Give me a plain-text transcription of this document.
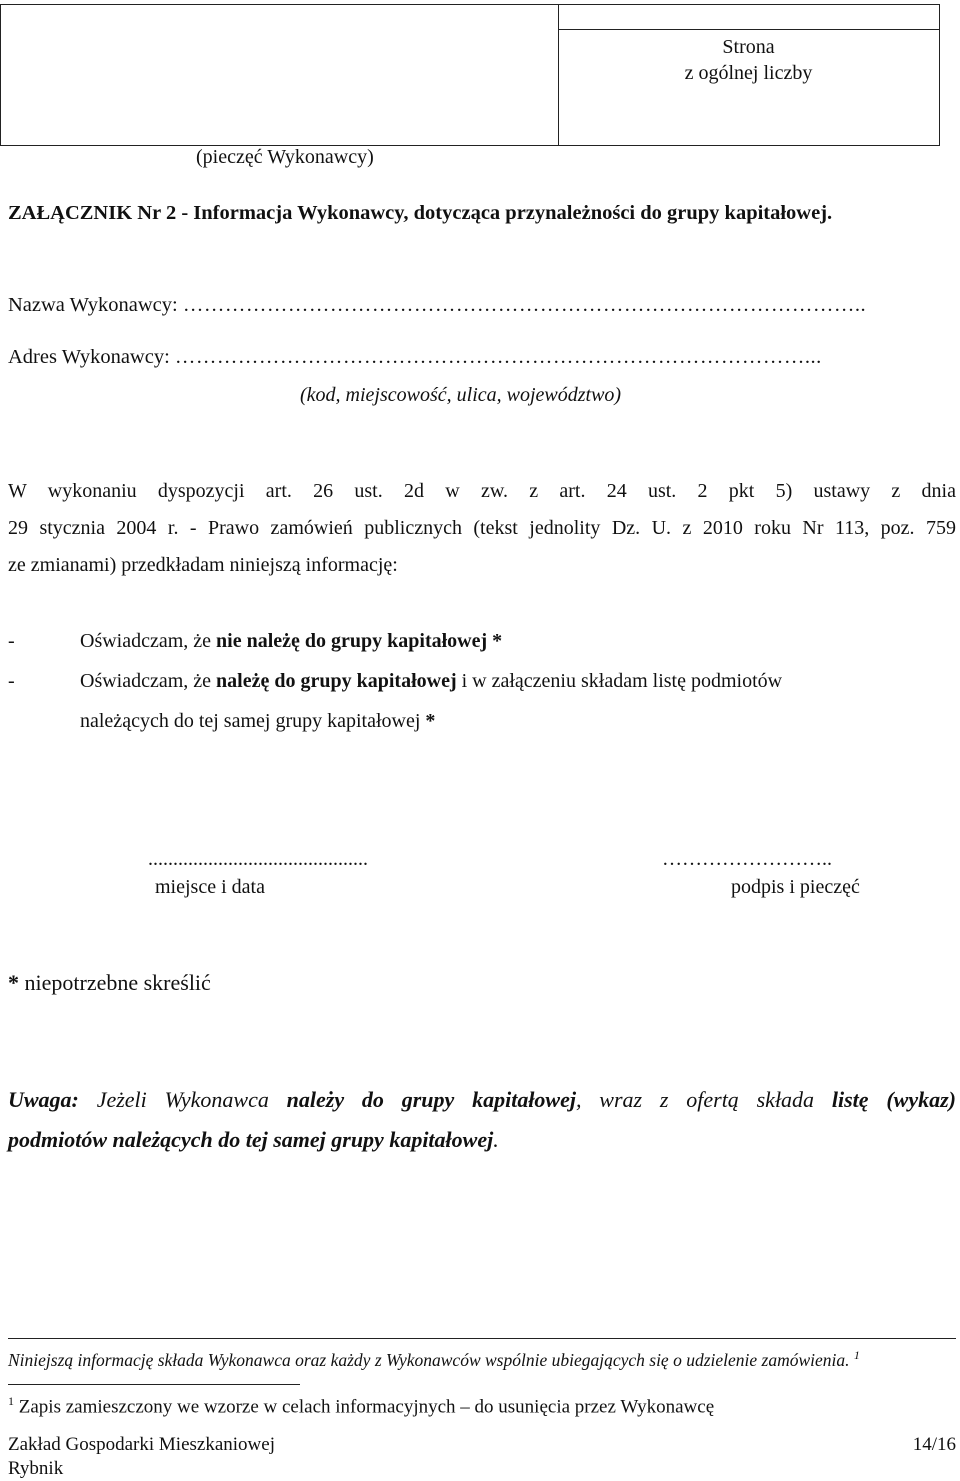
Strona
z ogólnej liczby
(pieczęć Wykonawcy)
ZAŁĄCZNIK Nr 2 - Informacja Wykonawcy, dotycząca przynależności do grupy kapitałowej.
Nazwa Wykonawcy: ……………………………………………………………………………………..
Adres Wykonawcy: ………………………………………………………………………………...
(kod, miejscowość, ulica, województwo)
W wykonaniu dyspozycji art. 26 ust. 2d w zw. z art. 24 ust. 2 pkt 5) ustawy z dnia
29 stycznia 2004 r. - Prawo zamówień publicznych (tekst jednolity Dz. U. z 2010 roku Nr 113, poz. 759
ze zmianami) przedkładam niniejszą informację:
-	Oświadczam, że nie należę do grupy kapitałowej *
-	Oświadczam, że należę do grupy kapitałowej i w załączeniu składam listę podmiotów
należących do tej samej grupy kapitałowej *
............................................
miejsce i data
……………………..
podpis i pieczęć
* niepotrzebne skreślić
Uwaga: Jeżeli Wykonawca należy do grupy kapitałowej, wraz z ofertą składa listę (wykaz)
podmiotów należących do tej samej grupy kapitałowej.
Niniejszą informację składa Wykonawca oraz każdy z Wykonawców wspólnie ubiegających się o udzielenie zamówienia. $^1$
$^1$ Zapis zamieszczony we wzorze w celach informacyjnych – do usunięcia przez Wykonawcę
Zakład Gospodarki Mieszkaniowej
Rybnik
14/16
